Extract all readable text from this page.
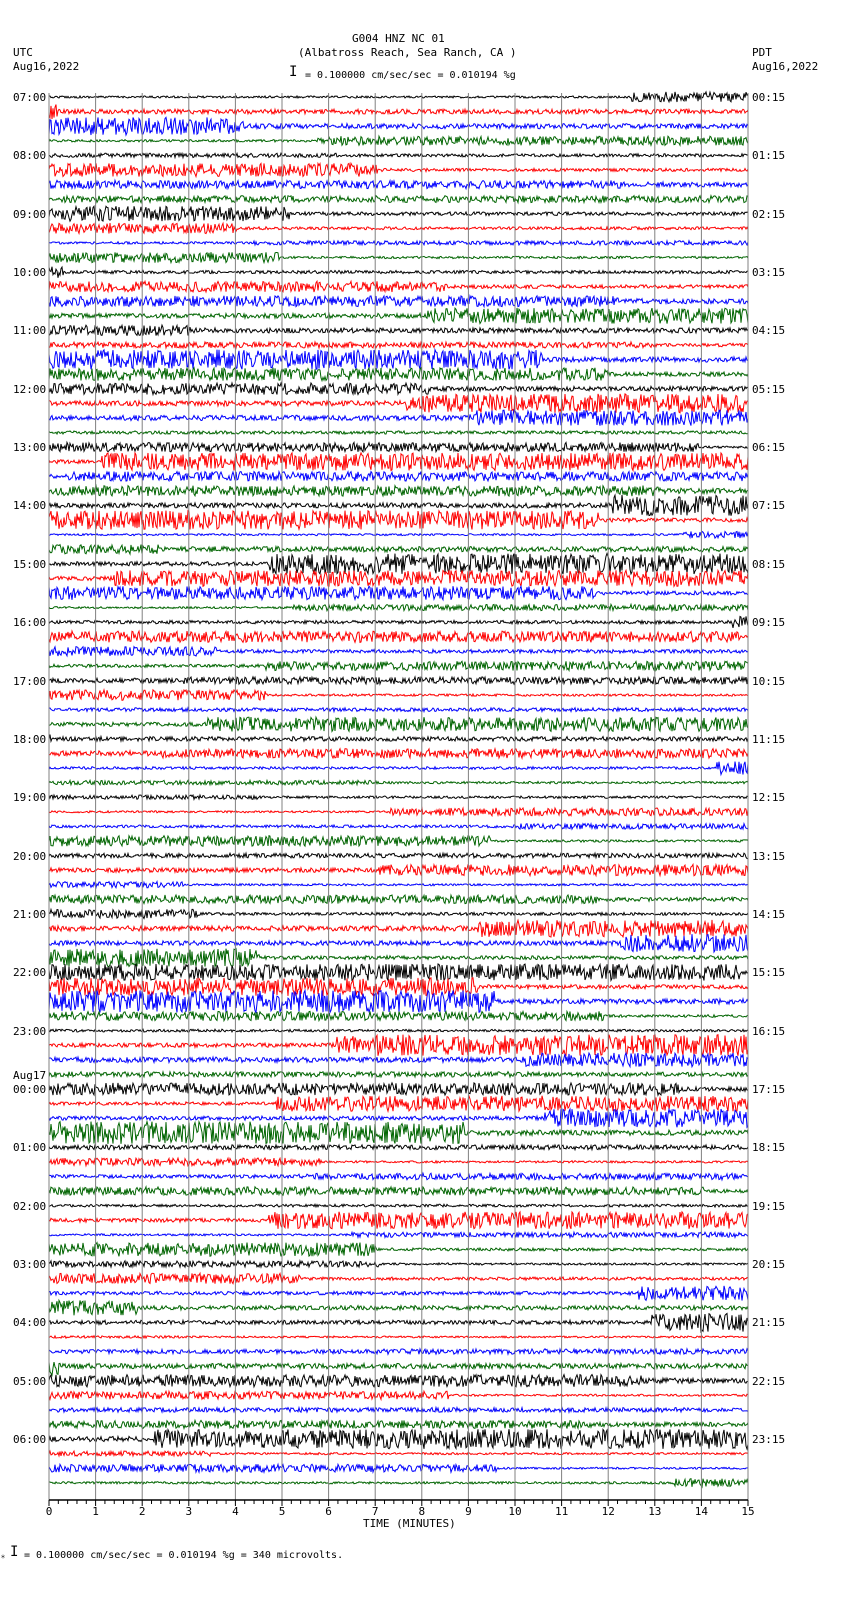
G004 HNZ NC 01
(Albatross Reach, Sea Ranch, CA )
UTC
Aug16,2022
PDT
Aug16,2022
I = 0.100000 cm/sec/sec = 0.010194 %g
0	1	2	3	4	5	6	7	8	9	10	11	12	13	14	15
07:00
08:00
09:00
10:00
11:00
12:00
13:00
14:00
15:00
16:00
17:00
18:00
19:00
20:00
21:00
22:00
23:00
00:00
01:00
02:00
03:00
04:00
05:00
06:00
00:15
01:15
02:15
03:15
04:15
05:15
06:15
07:15
08:15
09:15
10:15
11:15
12:15
13:15
14:15
15:15
16:15
17:15
18:15
19:15
20:15
21:15
22:15
23:15
Aug17
TIME (MINUTES)
⁎ I = 0.100000 cm/sec/sec = 0.010194 %g = 340 microvolts.
